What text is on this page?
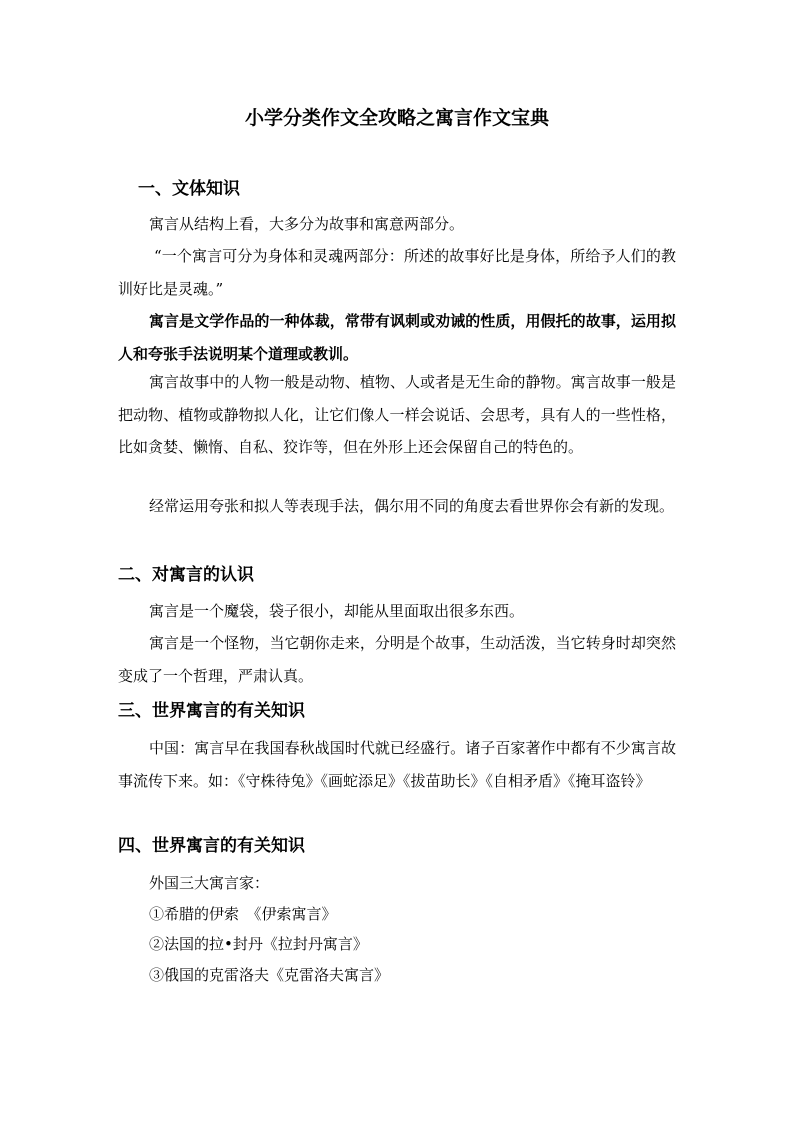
小学分类作文全攻略之寓言作文宝典
一、文体知识
寓言从结构上看，大多分为故事和寓意两部分。
“一个寓言可分为身体和灵魂两部分：所述的故事好比是身体，所给予人们的教训好比是灵魂。”
寓言是文学作品的一种体裁，常带有讽刺或劝诫的性质，用假托的故事，运用拟人和夸张手法说明某个道理或教训。
寓言故事中的人物一般是动物、植物、人或者是无生命的静物。寓言故事一般是把动物、植物或静物拟人化，让它们像人一样会说话、会思考，具有人的一些性格，比如贪婪、懒惰、自私、狡诈等，但在外形上还会保留自己的特色的。
经常运用夸张和拟人等表现手法，偶尔用不同的角度去看世界你会有新的发现。
二、对寓言的认识
寓言是一个魔袋，袋子很小，却能从里面取出很多东西。
寓言是一个怪物，当它朝你走来，分明是个故事，生动活泼，当它转身时却突然变成了一个哲理，严肃认真。
三、世界寓言的有关知识
中国：寓言早在我国春秋战国时代就已经盛行。诸子百家著作中都有不少寓言故事流传下来。如：《守株待兔》《画蛇添足》《拔苗助长》《自相矛盾》《掩耳盗铃》
四、世界寓言的有关知识
外国三大寓言家：
①希腊的伊索　《伊索寓言》
②法国的拉•封丹《拉封丹寓言》
③俄国的克雷洛夫《克雷洛夫寓言》
